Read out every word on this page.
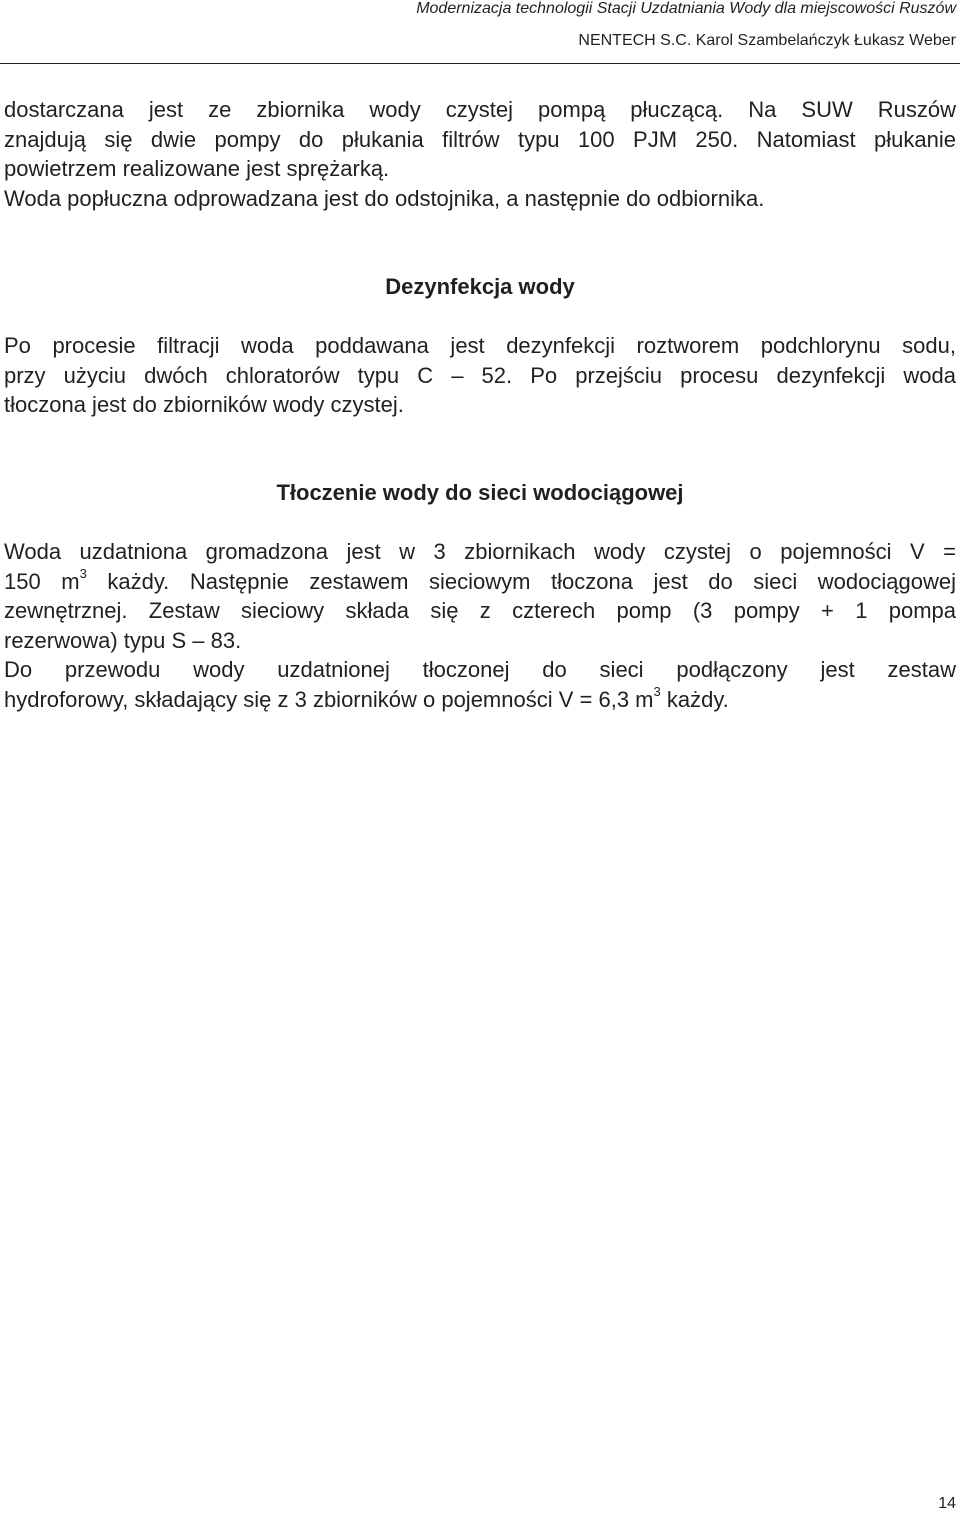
Modernizacja technologii Stacji Uzdatniania Wody dla miejscowości Ruszów
NENTECH S.C. Karol Szambelańczyk Łukasz Weber

dostarczana jest ze zbiornika wody czystej pompą płuczącą. Na SUW Ruszów

znajdują się dwie pompy do płukania filtrów typu 100 PJM 250. Natomiast płukanie

powietrzem realizowane jest sprężarką.

Woda popłuczna odprowadzana jest do odstojnika, a następnie do odbiornika.

Dezynfekcja wody

Po procesie filtracji woda poddawana jest dezynfekcji roztworem podchlorynu sodu,

przy użyciu dwóch chloratorów typu C – 52. Po przejściu procesu dezynfekcji woda

tłoczona jest do zbiorników wody czystej.

Tłoczenie wody do sieci wodociągowej

Woda uzdatniona gromadzona jest w 3 zbiornikach wody czystej o pojemności V =

150 $m^3$ każdy. Następnie zestawem sieciowym tłoczona jest do sieci wodociągowej

zewnętrznej. Zestaw sieciowy składa się z czterech pomp (3 pompy + 1 pompa

rezerwowa) typu S – 83.

Do przewodu wody uzdatnionej tłoczonej do sieci podłączony jest zestaw

hydroforowy, składający się z 3 zbiorników o pojemności V = 6,3 $m^3$ każdy.

14
